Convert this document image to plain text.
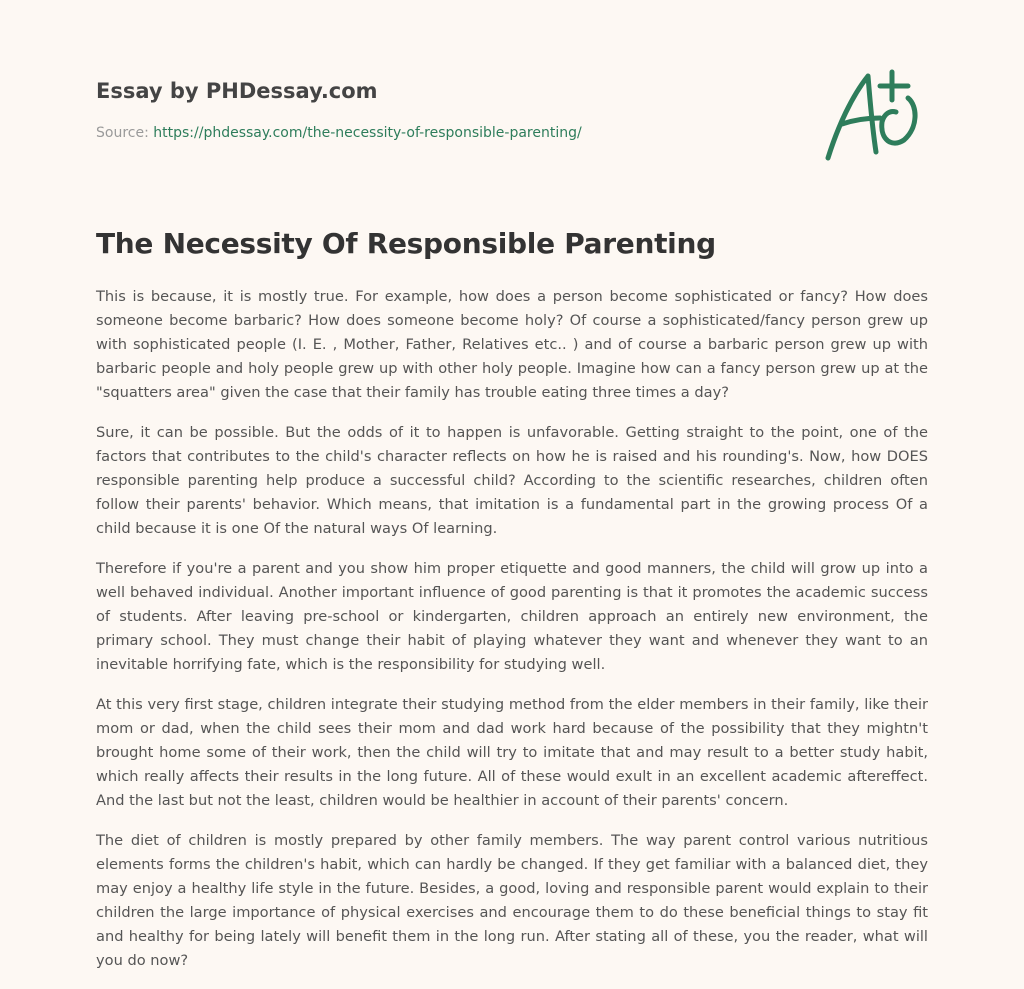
Essay by PHDessay.com
Source: https://phdessay.com/the-necessity-of-responsible-parenting/
The Necessity Of Responsible Parenting

This is because, it is mostly true. For example, how does a person become sophisticated or fancy? How does someone become barbaric? How does someone become holy? Of course a sophisticated/fancy person grew up with sophisticated people (I. E. , Mother, Father, Relatives etc.. ) and of course a barbaric person grew up with barbaric people and holy people grew up with other holy people. Imagine how can a fancy person grew up at the "squatters area" given the case that their family has trouble eating three times a day?

Sure, it can be possible. But the odds of it to happen is unfavorable. Getting straight to the point, one of the factors that contributes to the child's character reflects on how he is raised and his rounding's. Now, how DOES responsible parenting help produce a successful child? According to the scientific researches, children often follow their parents' behavior. Which means, that imitation is a fundamental part in the growing process Of a child because it is one Of the natural ways Of learning.

Therefore if you're a parent and you show him proper etiquette and good manners, the child will grow up into a well behaved individual. Another important influence of good parenting is that it promotes the academic success of students. After leaving pre-school or kindergarten, children approach an entirely new environment, the primary school. They must change their habit of playing whatever they want and whenever they want to an inevitable horrifying fate, which is the responsibility for studying well.

At this very first stage, children integrate their studying method from the elder members in their family, like their mom or dad, when the child sees their mom and dad work hard because of the possibility that they mightn't brought home some of their work, then the child will try to imitate that and may result to a better study habit, which really affects their results in the long future. All of these would exult in an excellent academic aftereffect. And the last but not the least, children would be healthier in account of their parents' concern.

The diet of children is mostly prepared by other family members. The way parent control various nutritious elements forms the children's habit, which can hardly be changed. If they get familiar with a balanced diet, they may enjoy a healthy life style in the future. Besides, a good, loving and responsible parent would explain to their children the large importance of physical exercises and encourage them to do these beneficial things to stay fit and healthy for being lately will benefit them in the long run. After stating all of these, you the reader, what will you do now?
